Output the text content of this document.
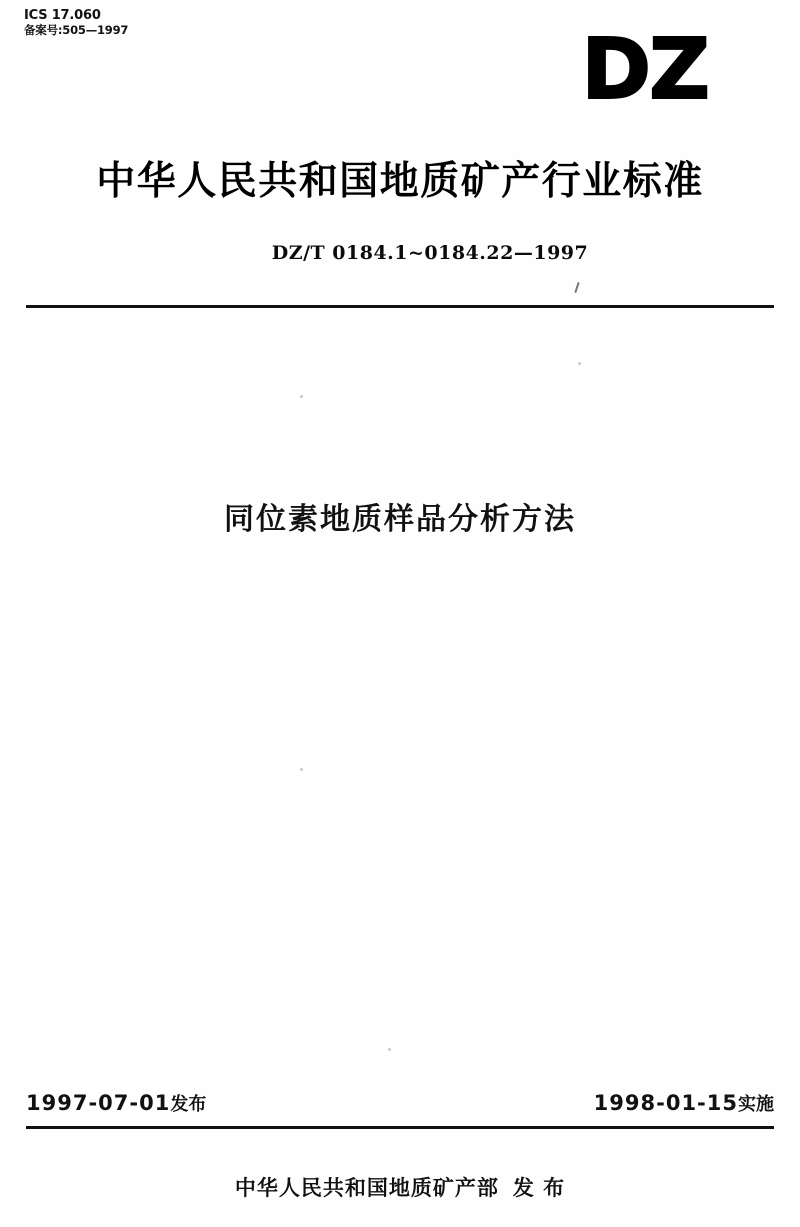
ICS 17.060
备案号:505—1997	DZ
中华人民共和国地质矿产行业标准
DZ/T 0184.1~0184.22—1997
同位素地质样品分析方法
1997-07-01发布	1998-01-15实施
中华人民共和国地质矿产部 发 布
